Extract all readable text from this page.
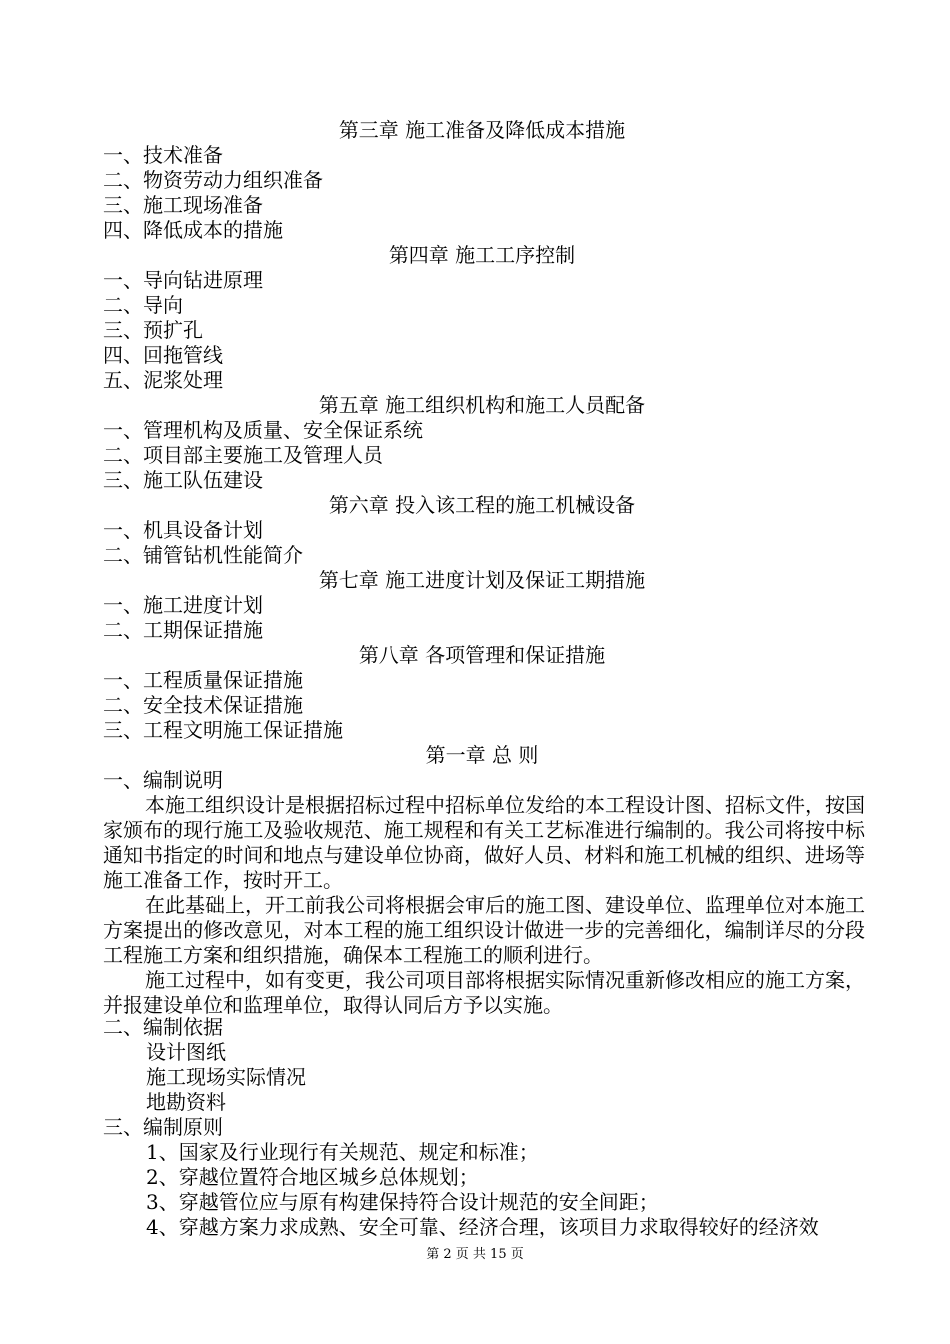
第三章 施工准备及降低成本措施
一、技术准备
二、物资劳动力组织准备
三、施工现场准备
四、降低成本的措施
第四章 施工工序控制
一、导向钻进原理
二、导向
三、预扩孔
四、回拖管线
五、泥浆处理
第五章 施工组织机构和施工人员配备
一、管理机构及质量、安全保证系统
二、项目部主要施工及管理人员
三、施工队伍建设
第六章 投入该工程的施工机械设备
一、机具设备计划
二、铺管钻机性能简介
第七章 施工进度计划及保证工期措施
一、施工进度计划
二、工期保证措施
第八章 各项管理和保证措施
一、工程质量保证措施
二、安全技术保证措施
三、工程文明施工保证措施
第一章 总 则
一、编制说明

本施工组织设计是根据招标过程中招标单位发给的本工程设计图、招标文件，按国家颁布的现行施工及验收规范、施工规程和有关工艺标准进行编制的。我公司将按中标通知书指定的时间和地点与建设单位协商，做好人员、材料和施工机械的组织、进场等施工准备工作，按时开工。

在此基础上，开工前我公司将根据会审后的施工图、建设单位、监理单位对本施工方案提出的修改意见，对本工程的施工组织设计做进一步的完善细化，编制详尽的分段工程施工方案和组织措施，确保本工程施工的顺利进行。

施工过程中，如有变更，我公司项目部将根据实际情况重新修改相应的施工方案，并报建设单位和监理单位，取得认同后方予以实施。

二、编制依据
设计图纸
施工现场实际情况
地勘资料
三、编制原则
1、国家及行业现行有关规范、规定和标准；
2、穿越位置符合地区城乡总体规划；
3、穿越管位应与原有构建保持符合设计规范的安全间距；
4、穿越方案力求成熟、安全可靠、经济合理，该项目力求取得较好的经济效
第 2 页 共 15 页
